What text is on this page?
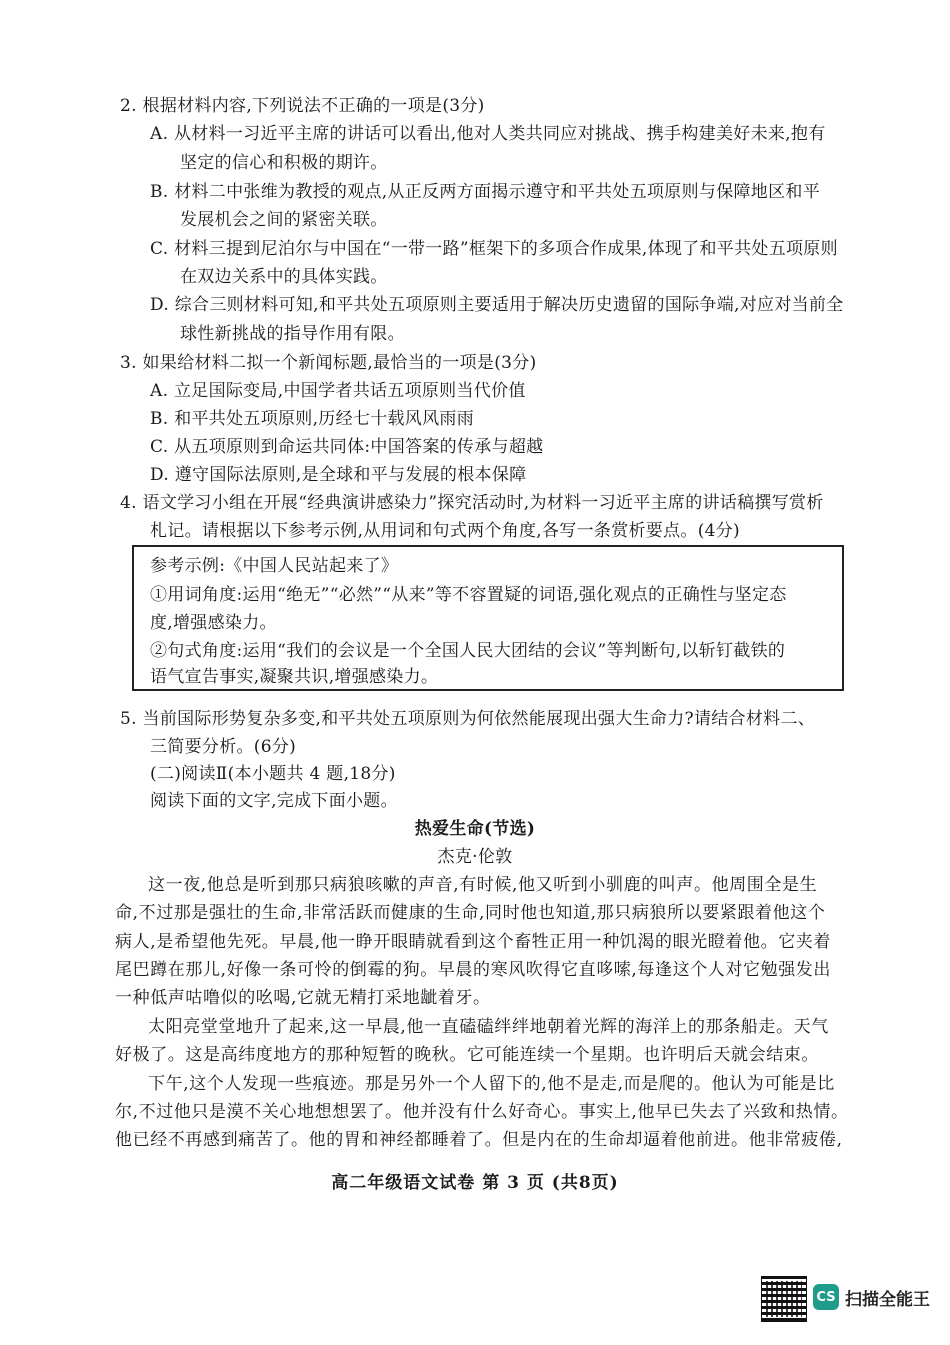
2. 根据材料内容,下列说法不正确的一项是(3分)
A. 从材料一习近平主席的讲话可以看出,他对人类共同应对挑战、携手构建美好未来,抱有
坚定的信心和积极的期许。
B. 材料二中张维为教授的观点,从正反两方面揭示遵守和平共处五项原则与保障地区和平
发展机会之间的紧密关联。
C. 材料三提到尼泊尔与中国在“一带一路”框架下的多项合作成果,体现了和平共处五项原则
在双边关系中的具体实践。
D. 综合三则材料可知,和平共处五项原则主要适用于解决历史遗留的国际争端,对应对当前全
球性新挑战的指导作用有限。
3. 如果给材料二拟一个新闻标题,最恰当的一项是(3分)
A. 立足国际变局,中国学者共话五项原则当代价值
B. 和平共处五项原则,历经七十载风风雨雨
C. 从五项原则到命运共同体:中国答案的传承与超越
D. 遵守国际法原则,是全球和平与发展的根本保障
4. 语文学习小组在开展“经典演讲感染力”探究活动时,为材料一习近平主席的讲话稿撰写赏析
札记。请根据以下参考示例,从用词和句式两个角度,各写一条赏析要点。(4分)
参考示例:《中国人民站起来了》
①用词角度:运用“绝无”“必然”“从来”等不容置疑的词语,强化观点的正确性与坚定态
度,增强感染力。
②句式角度:运用“我们的会议是一个全国人民大团结的会议”等判断句,以斩钉截铁的
语气宣告事实,凝聚共识,增强感染力。
5. 当前国际形势复杂多变,和平共处五项原则为何依然能展现出强大生命力?请结合材料二、
三简要分析。(6分)
(二)阅读Ⅱ(本小题共 4 题,18分)
阅读下面的文字,完成下面小题。
热爱生命(节选)
杰克·伦敦
这一夜,他总是听到那只病狼咳嗽的声音,有时候,他又听到小驯鹿的叫声。他周围全是生
命,不过那是强壮的生命,非常活跃而健康的生命,同时他也知道,那只病狼所以要紧跟着他这个
病人,是希望他先死。早晨,他一睁开眼睛就看到这个畜牲正用一种饥渴的眼光瞪着他。它夹着
尾巴蹲在那儿,好像一条可怜的倒霉的狗。早晨的寒风吹得它直哆嗦,每逢这个人对它勉强发出
一种低声咕噜似的吆喝,它就无精打采地龇着牙。
太阳亮堂堂地升了起来,这一早晨,他一直磕磕绊绊地朝着光辉的海洋上的那条船走。天气
好极了。这是高纬度地方的那种短暂的晚秋。它可能连续一个星期。也许明后天就会结束。
下午,这个人发现一些痕迹。那是另外一个人留下的,他不是走,而是爬的。他认为可能是比
尔,不过他只是漠不关心地想想罢了。他并没有什么好奇心。事实上,他早已失去了兴致和热情。
他已经不再感到痛苦了。他的胃和神经都睡着了。但是内在的生命却逼着他前进。他非常疲倦,
高二年级语文试卷 第 3 页 (共8页)
CS 扫描全能王
